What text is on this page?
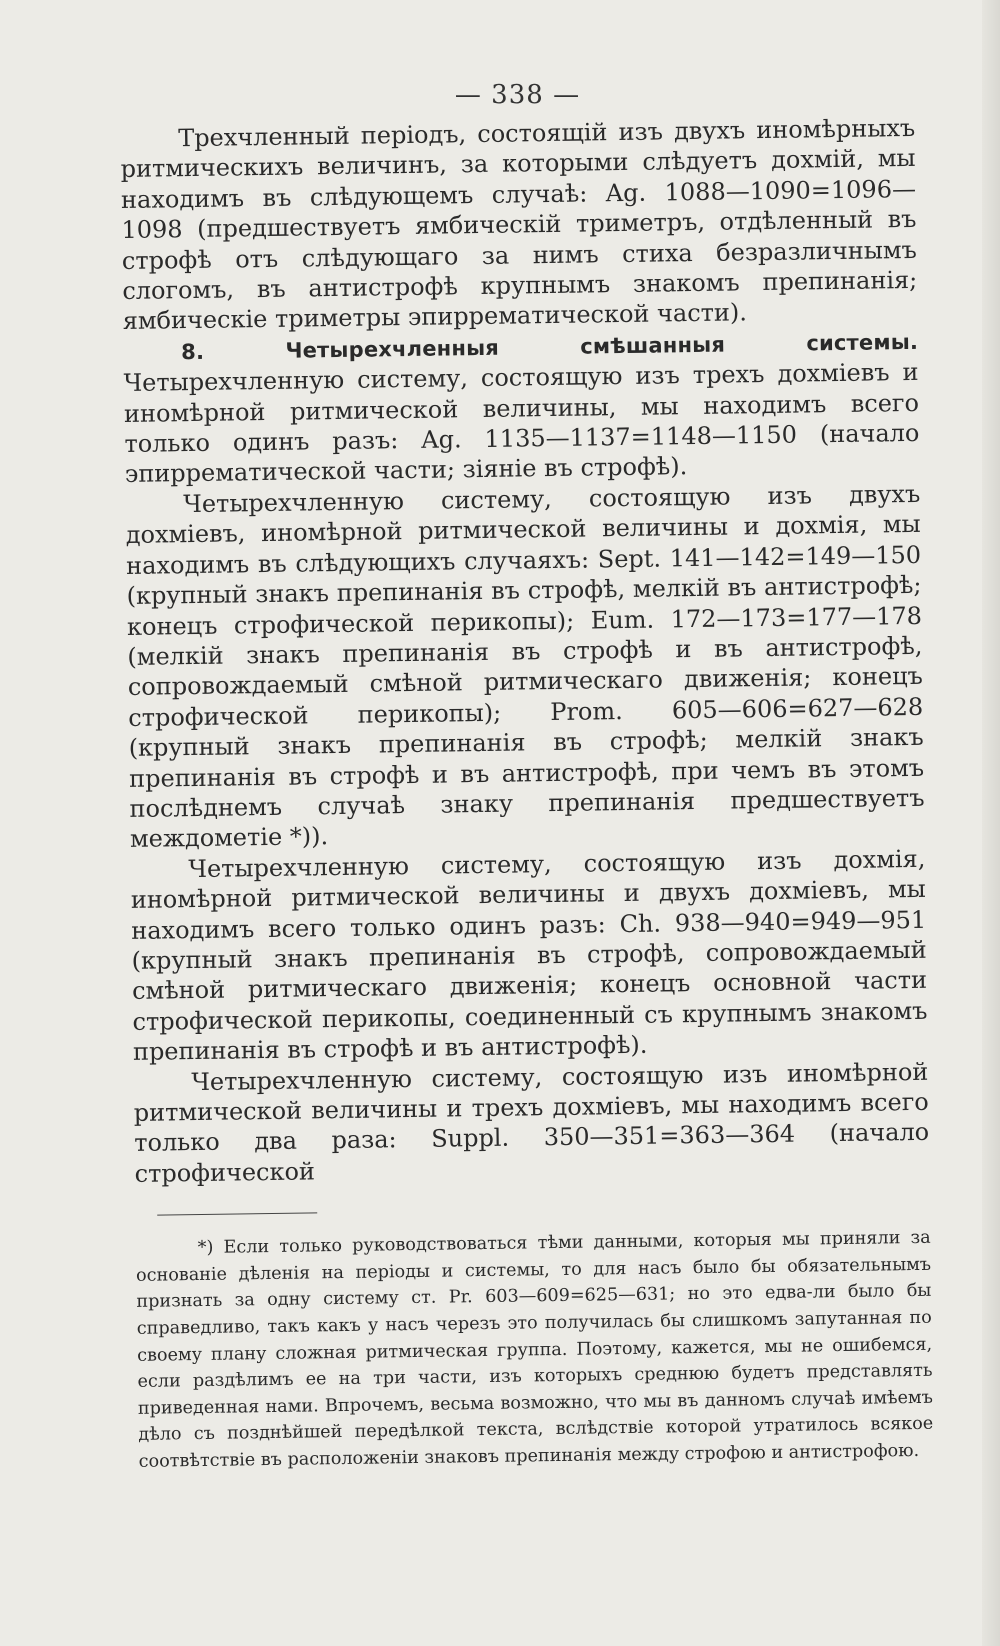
— 338 —

Трехчленный періодъ, состоящій изъ двухъ иномѣрныхъ ритмическихъ величинъ, за которыми слѣдуетъ дохмій, мы находимъ въ слѣдующемъ случаѣ: Ag. 1088—1090=1096—1098 (предшествуетъ ямбическій триметръ, отдѣленный въ строфѣ отъ слѣдующаго за нимъ стиха безразличнымъ слогомъ, въ антистрофѣ крупнымъ знакомъ препинанія; ямбическіе триметры эпиррематической части).

8. Четырехчленныя смѣшанныя системы. Четырехчленную систему, состоящую изъ трехъ дохміевъ и иномѣрной ритмической величины, мы находимъ всего только одинъ разъ: Ag. 1135—1137=1148—1150 (начало эпирремaтической части; зіяніе въ строфѣ).

Четырехчленную систему, состоящую изъ двухъ дохміевъ, иномѣрной ритмической величины и дохмія, мы находимъ въ слѣдующихъ случаяхъ: Sept. 141—142=149—150 (крупный знакъ препинанія въ строфѣ, мелкій въ антистрофѣ; конецъ строфической перикопы); Eum. 172—173=177—178 (мелкій знакъ препинанія въ строфѣ и въ антистрофѣ, сопровождаемый смѣной ритмическаго движенія; конецъ строфической перикопы); Prom. 605—606=627—628 (крупный знакъ препинанія въ строфѣ; мелкій знакъ препинанія въ строфѣ и въ антистрофѣ, при чемъ въ этомъ послѣднемъ случаѣ знаку препинанія предшествуетъ междометіе *)).

Четырехчленную систему, состоящую изъ дохмія, иномѣрной ритмической величины и двухъ дохміевъ, мы находимъ всего только одинъ разъ: Ch. 938—940=949—951 (крупный знакъ препинанія въ строфѣ, сопровождаемый смѣной ритмическаго движенія; конецъ основной части строфической перикопы, соединенный съ крупнымъ знакомъ препинанія въ строфѣ и въ антистрофѣ).

Четырехчленную систему, состоящую изъ иномѣрной ритмической величины и трехъ дохміевъ, мы находимъ всего только два раза: Suppl. 350—351=363—364 (начало строфической

*) Если только руководствоваться тѣми данными, которыя мы приняли за основаніе дѣленія на періоды и системы, то для насъ было бы обязательнымъ признать за одну систему ст. Pr. 603—609=625—631; но это едва-ли было бы справедливо, такъ какъ у насъ черезъ это получилась бы слишкомъ запутанная по своему плану сложная ритмическая группа. Поэтому, кажется, мы не ошибемся, если раздѣлимъ ее на три части, изъ которыхъ среднюю будетъ представлять приведенная нами. Впрочемъ, весьма возможно, что мы въ данномъ случаѣ имѣемъ дѣло съ позднѣйшей передѣлкой текста, вслѣдствіе которой утратилось всякое соотвѣтствіе въ расположеніи знаковъ препинанія между строфою и антистрофою.
